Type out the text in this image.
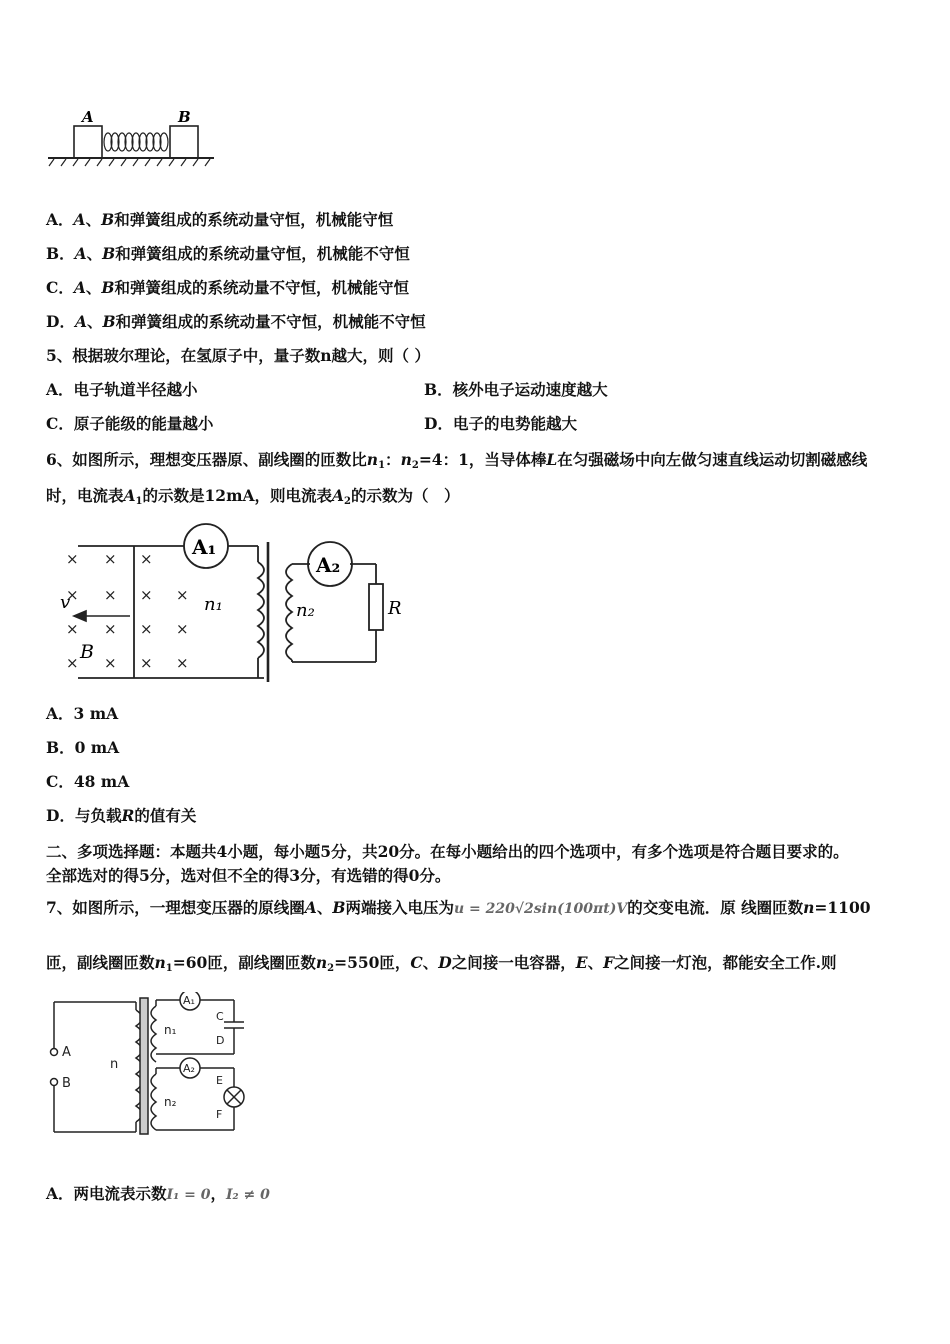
A	B
A．A、B和弹簧组成的系统动量守恒，机械能守恒
B．A、B和弹簧组成的系统动量守恒，机械能不守恒
C．A、B和弹簧组成的系统动量不守恒，机械能守恒
D．A、B和弹簧组成的系统动量不守恒，机械能不守恒
5、根据玻尔理论，在氢原子中，量子数n越大，则（ ）
A．电子轨道半径越小	B．核外电子运动速度越大
C．原子能级的能量越小	D．电子的电势能越大
6、如图所示，理想变压器原、副线圈的匝数比$n_1$：$n_2=4$：1，当导体棒L在匀强磁场中向左做匀速直线运动切割磁感线
时，电流表$A_1$的示数是12mA，则电流表$A_2$的示数为（　）
× × ×
× × × ×
× × × ×
× × × ×
A₁
A₂
n₁	n₂	R
v
B
A．3 mA
B．0 mA
C．48 mA
D．与负载R的值有关
二、多项选择题：本题共4小题，每小题5分，共20分。在每小题给出的四个选项中，有多个选项是符合题目要求的。
全部选对的得5分，选对但不全的得3分，有选错的得0分。
7、如图所示，一理想变压器的原线圈A、B两端接入电压为u = 220√2sin(100πt)V的交变电流．原 线圈匝数n=1100
匝，副线圈匝数$n_1=60$匝，副线圈匝数$n_2=550$匝，C、D之间接一电容器，E、F之间接一灯泡，都能安全工作.则
A
B
n
n₁
n₂
A₁
A₂
C
D
E
F
A．两电流表示数I₁ = 0，I₂ ≠ 0
